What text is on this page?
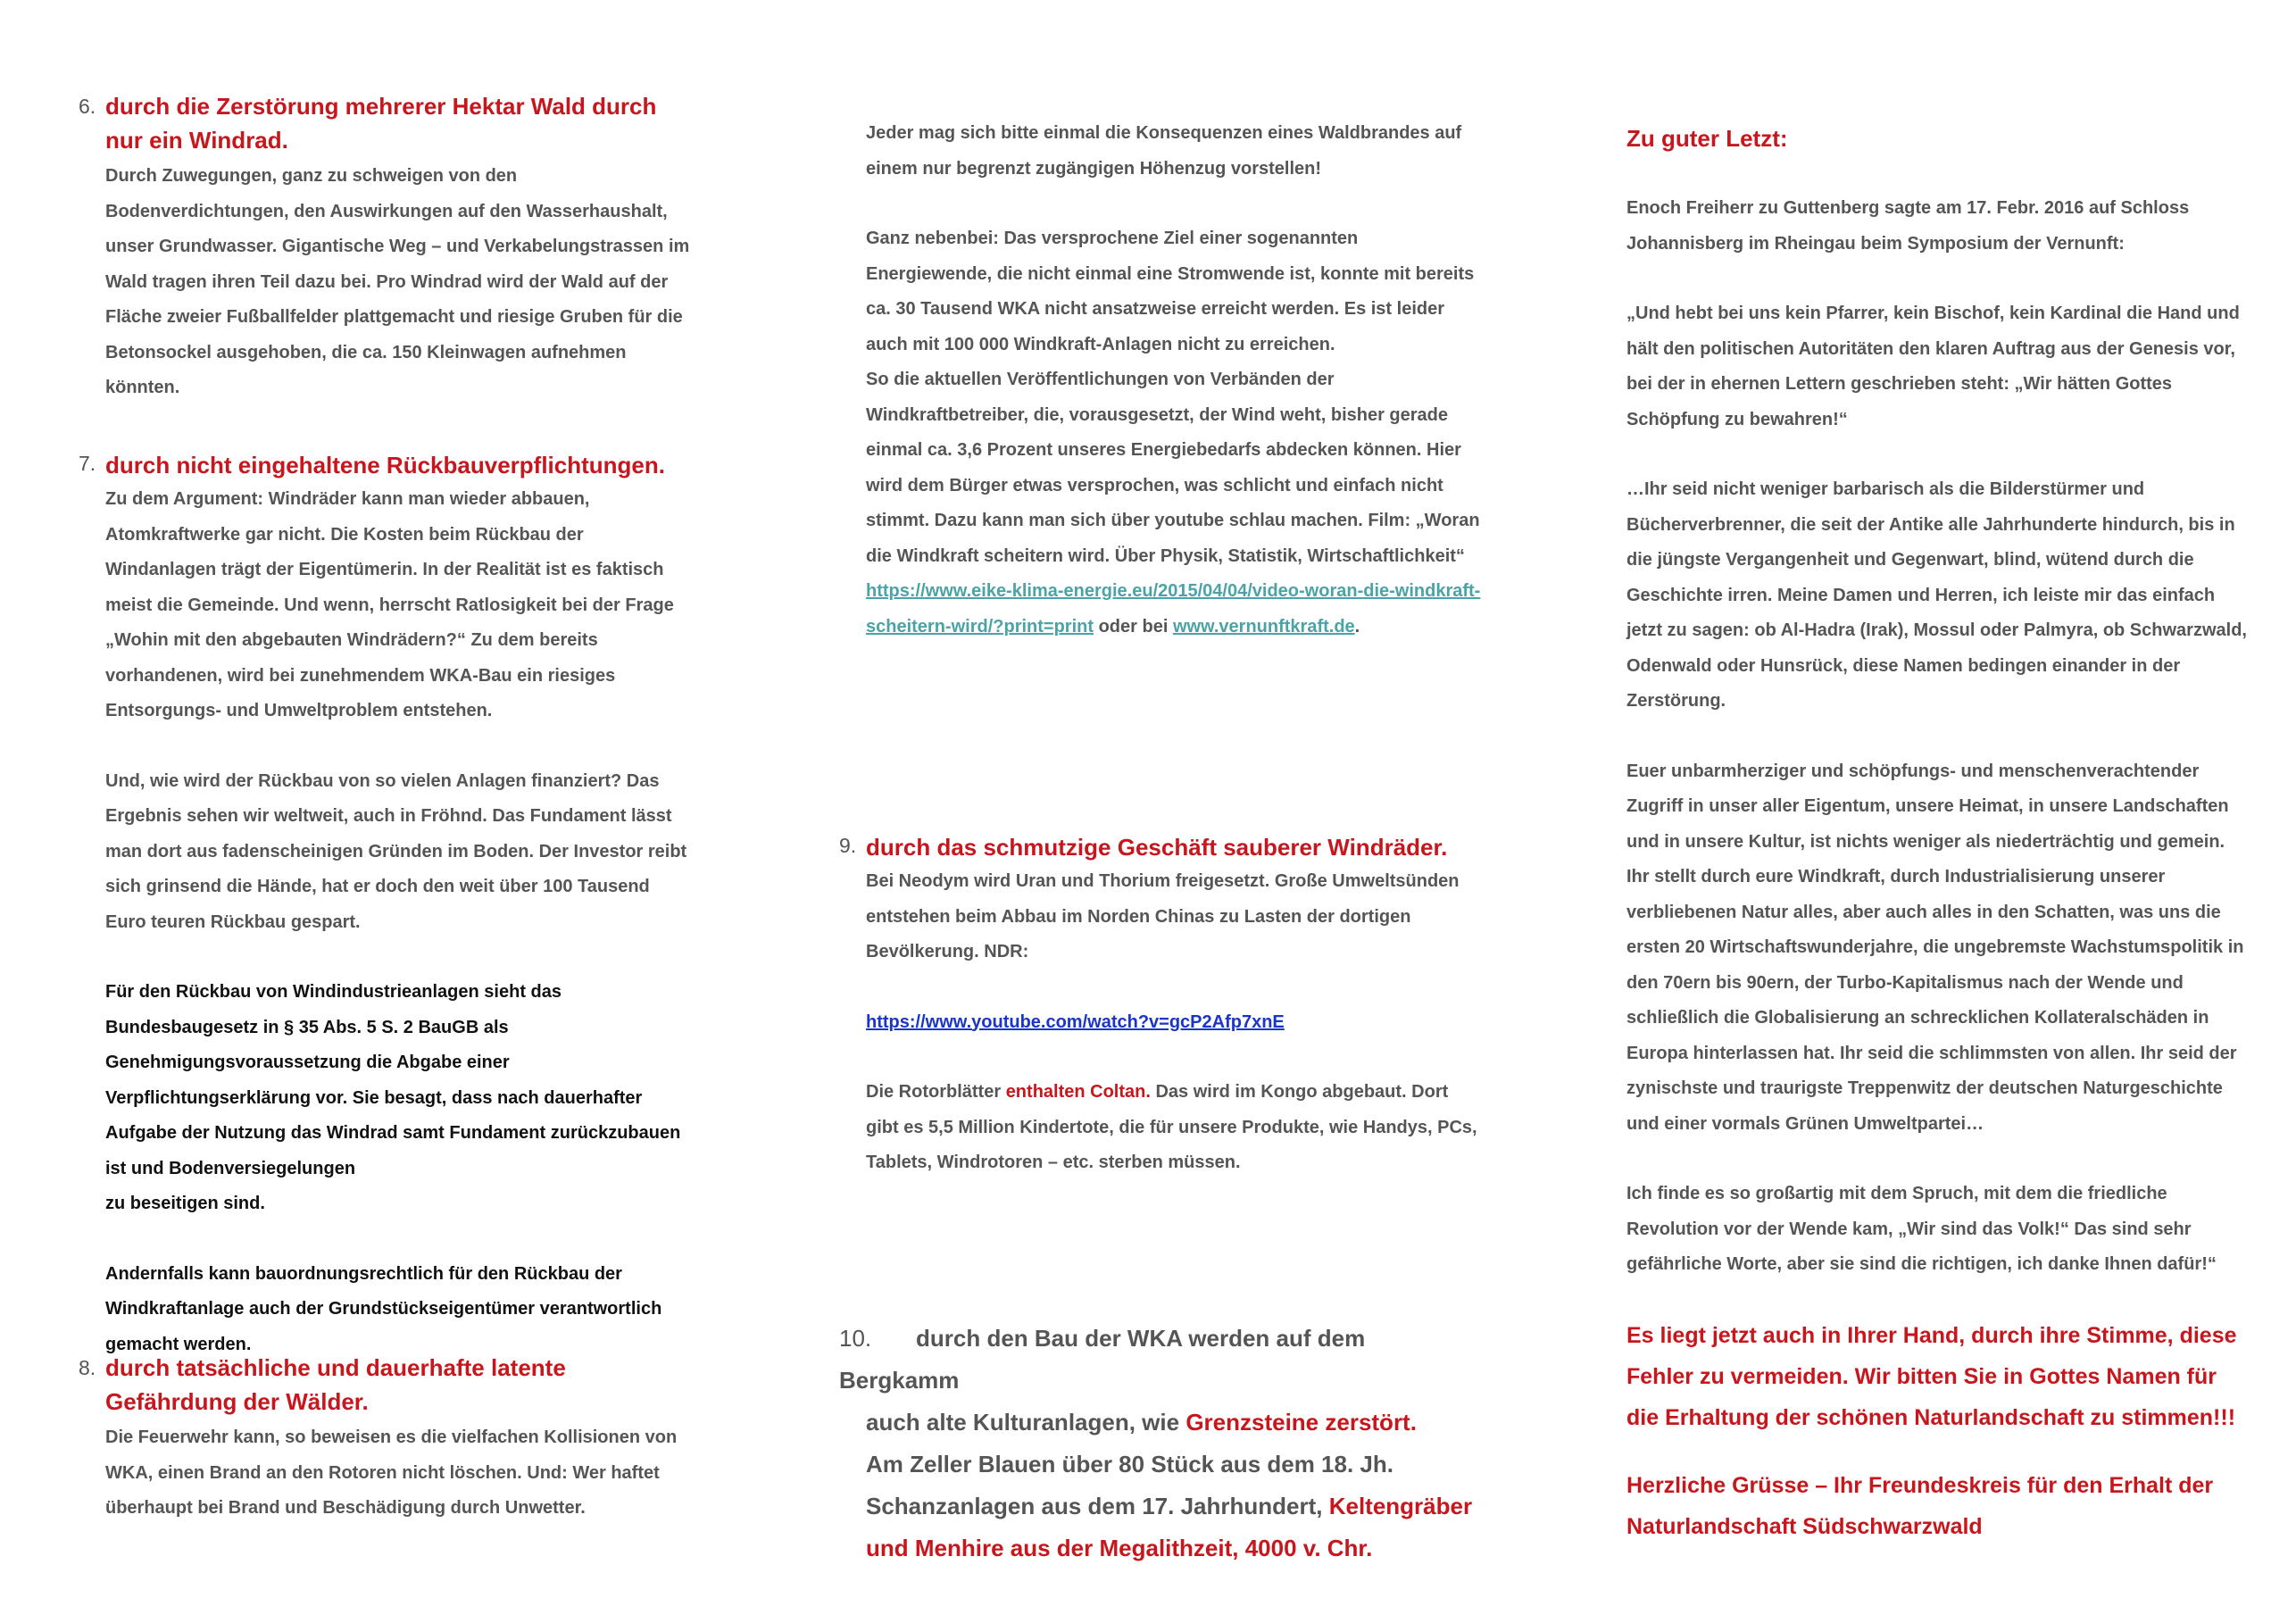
6. durch die Zerstörung mehrerer Hektar Wald durch nur ein Windrad.
Durch Zuwegungen, ganz zu schweigen von den Bodenverdichtungen, den Auswirkungen auf den Wasserhaushalt, unser Grundwasser. Gigantische Weg – und Verkabelungstrassen im Wald tragen ihren Teil dazu bei. Pro Windrad wird der Wald auf der Fläche zweier Fußballfelder plattgemacht und riesige Gruben für die Betonsockel ausgehoben, die ca. 150 Kleinwagen aufnehmen könnten.
7. durch nicht eingehaltene Rückbauverpflichtungen.
Zu dem Argument: Windräder kann man wieder abbauen, Atomkraftwerke gar nicht. Die Kosten beim Rückbau der Windanlagen trägt der Eigentümerin. In der Realität ist es faktisch meist die Gemeinde. Und wenn, herrscht Ratlosigkeit bei der Frage „Wohin mit den abgebauten Windrädern?“ Zu dem bereits vorhandenen, wird bei zunehmendem WKA-Bau ein riesiges Entsorgungs- und Umweltproblem entstehen.
Und, wie wird der Rückbau von so vielen Anlagen finanziert? Das Ergebnis sehen wir weltweit, auch in Fröhnd. Das Fundament lässt man dort aus fadenscheinigen Gründen im Boden. Der Investor reibt sich grinsend die Hände, hat er doch den weit über 100 Tausend Euro teuren Rückbau gespart.
Für den Rückbau von Windindustrieanlagen sieht das Bundesbaugesetz in § 35 Abs. 5 S. 2 BauGB als Genehmigungsvoraussetzung die Abgabe einer Verpflichtungserklärung vor. Sie besagt, dass nach dauerhafter Aufgabe der Nutzung das Windrad samt Fundament zurückzubauen ist und Bodenversiegelungen
zu beseitigen sind.
Andernfalls kann bauordnungsrechtlich für den Rückbau der Windkraftanlage auch der Grundstückseigentümer verantwortlich gemacht werden.
8. durch tatsächliche und dauerhafte latente Gefährdung der Wälder.
Die Feuerwehr kann, so beweisen es die vielfachen Kollisionen von WKA, einen Brand an den Rotoren nicht löschen. Und: Wer haftet überhaupt bei Brand und Beschädigung durch Unwetter.
Jeder mag sich bitte einmal die Konsequenzen eines Waldbrandes auf einem nur begrenzt zugängigen Höhenzug vorstellen!
Ganz nebenbei: Das versprochene Ziel einer sogenannten Energiewende, die nicht einmal eine Stromwende ist, konnte mit bereits ca. 30 Tausend WKA nicht ansatzweise erreicht werden. Es ist leider auch mit 100 000 Windkraft-Anlagen nicht zu erreichen.
So die aktuellen Veröffentlichungen von Verbänden der Windkraftbetreiber, die, vorausgesetzt, der Wind weht, bisher gerade einmal ca. 3,6 Prozent unseres Energiebedarfs abdecken können. Hier wird dem Bürger etwas versprochen, was schlicht und einfach nicht stimmt. Dazu kann man sich über youtube schlau machen. Film: „Woran die Windkraft scheitern wird. Über Physik, Statistik, Wirtschaftlichkeit“
https://www.eike-klima-energie.eu/2015/04/04/video-woran-die-windkraft-scheitern-wird/?print=print oder bei www.vernunftkraft.de.
9. durch das schmutzige Geschäft sauberer Windräder.
Bei Neodym wird Uran und Thorium freigesetzt. Große Umweltsünden entstehen beim Abbau im Norden Chinas zu Lasten der dortigen Bevölkerung. NDR:
https://www.youtube.com/watch?v=gcP2Afp7xnE
Die Rotorblätter enthalten Coltan. Das wird im Kongo abgebaut. Dort gibt es 5,5 Million Kindertote, die für unsere Produkte, wie Handys, PCs, Tablets, Windrotoren – etc. sterben müssen.
10. durch den Bau der WKA werden auf dem Bergkamm
auch alte Kulturanlagen, wie Grenzsteine zerstört.
Am Zeller Blauen über 80 Stück aus dem 18. Jh. Schanzanlagen aus dem 17. Jahrhundert, Keltengräber und Menhire aus der Megalithzeit, 4000 v. Chr.
Zu guter Letzt:
Enoch Freiherr zu Guttenberg sagte am 17. Febr. 2016 auf Schloss Johannisberg im Rheingau beim Symposium der Vernunft:
„Und hebt bei uns kein Pfarrer, kein Bischof, kein Kardinal die Hand und hält den politischen Autoritäten den klaren Auftrag aus der Genesis vor, bei der in ehernen Lettern geschrieben steht: „Wir hätten Gottes Schöpfung zu bewahren!“
…Ihr seid nicht weniger barbarisch als die Bilderstürmer und Bücherverbrenner, die seit der Antike alle Jahrhunderte hindurch, bis in die jüngste Vergangenheit und Gegenwart, blind, wütend durch die Geschichte irren. Meine Damen und Herren, ich leiste mir das einfach jetzt zu sagen: ob Al-Hadra (Irak), Mossul oder Palmyra, ob Schwarzwald, Odenwald oder Hunsrück, diese Namen bedingen einander in der Zerstörung.
Euer unbarmherziger und schöpfungs- und menschenverachtender Zugriff in unser aller Eigentum, unsere Heimat, in unsere Landschaften und in unsere Kultur, ist nichts weniger als niederträchtig und gemein. Ihr stellt durch eure Windkraft, durch Industrialisierung unserer verbliebenen Natur alles, aber auch alles in den Schatten, was uns die ersten 20 Wirtschaftswunderjahre, die ungebremste Wachstumspolitik in den 70ern bis 90ern, der Turbo-Kapitalismus nach der Wende und schließlich die Globalisierung an schrecklichen Kollateralschäden in Europa hinterlassen hat. Ihr seid die schlimmsten von allen. Ihr seid der zynischste und traurigste Treppenwitz der deutschen Naturgeschichte und einer vormals Grünen Umweltpartei…
Ich finde es so großartig mit dem Spruch, mit dem die friedliche Revolution vor der Wende kam, „Wir sind das Volk!“ Das sind sehr gefährliche Worte, aber sie sind die richtigen, ich danke Ihnen dafür!“
Es liegt jetzt auch in Ihrer Hand, durch ihre Stimme, diese Fehler zu vermeiden. Wir bitten Sie in Gottes Namen für die Erhaltung der schönen Naturlandschaft zu stimmen!!!
Herzliche Grüsse – Ihr Freundeskreis für den Erhalt der Naturlandschaft Südschwarzwald
